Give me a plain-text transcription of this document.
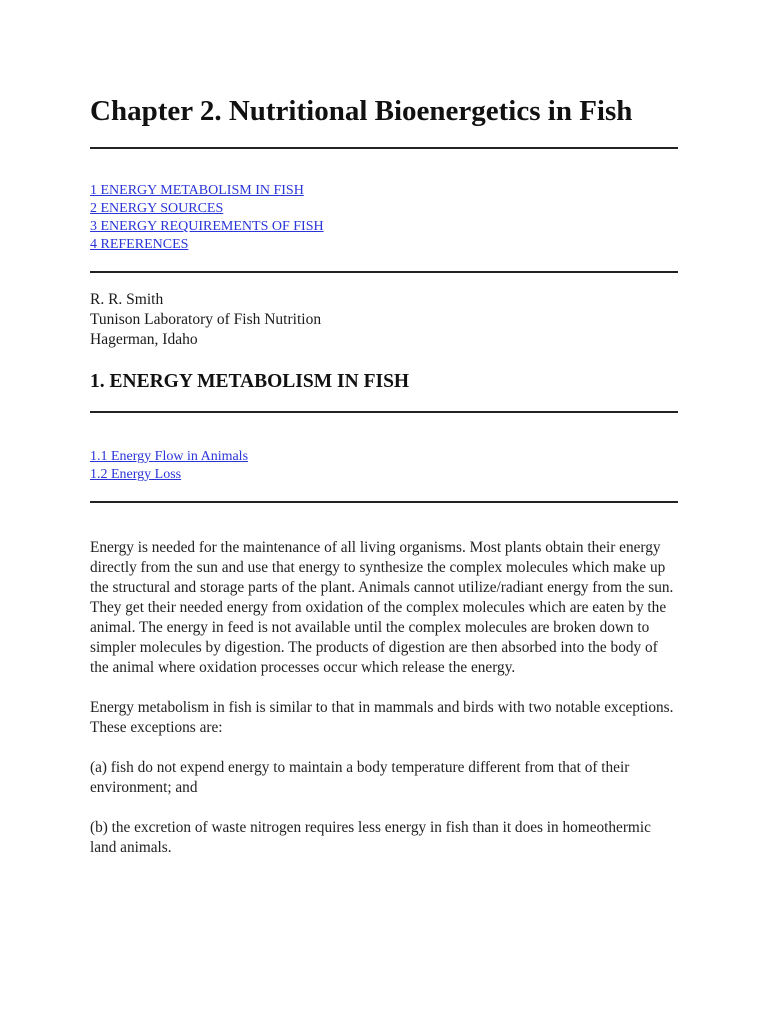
Chapter 2. Nutritional Bioenergetics in Fish
1 ENERGY METABOLISM IN FISH
2 ENERGY SOURCES
3 ENERGY REQUIREMENTS OF FISH
4 REFERENCES
R. R. Smith
Tunison Laboratory of Fish Nutrition
Hagerman, Idaho
1. ENERGY METABOLISM IN FISH
1.1 Energy Flow in Animals
1.2 Energy Loss

Energy is needed for the maintenance of all living organisms. Most plants obtain their energy directly from the sun and use that energy to synthesize the complex molecules which make up the structural and storage parts of the plant. Animals cannot utilize/radiant energy from the sun. They get their needed energy from oxidation of the complex molecules which are eaten by the animal. The energy in feed is not available until the complex molecules are broken down to simpler molecules by digestion. The products of digestion are then absorbed into the body of the animal where oxidation processes occur which release the energy.

Energy metabolism in fish is similar to that in mammals and birds with two notable exceptions. These exceptions are:

(a) fish do not expend energy to maintain a body temperature different from that of their environment; and

(b) the excretion of waste nitrogen requires less energy in fish than it does in homeothermic land animals.
